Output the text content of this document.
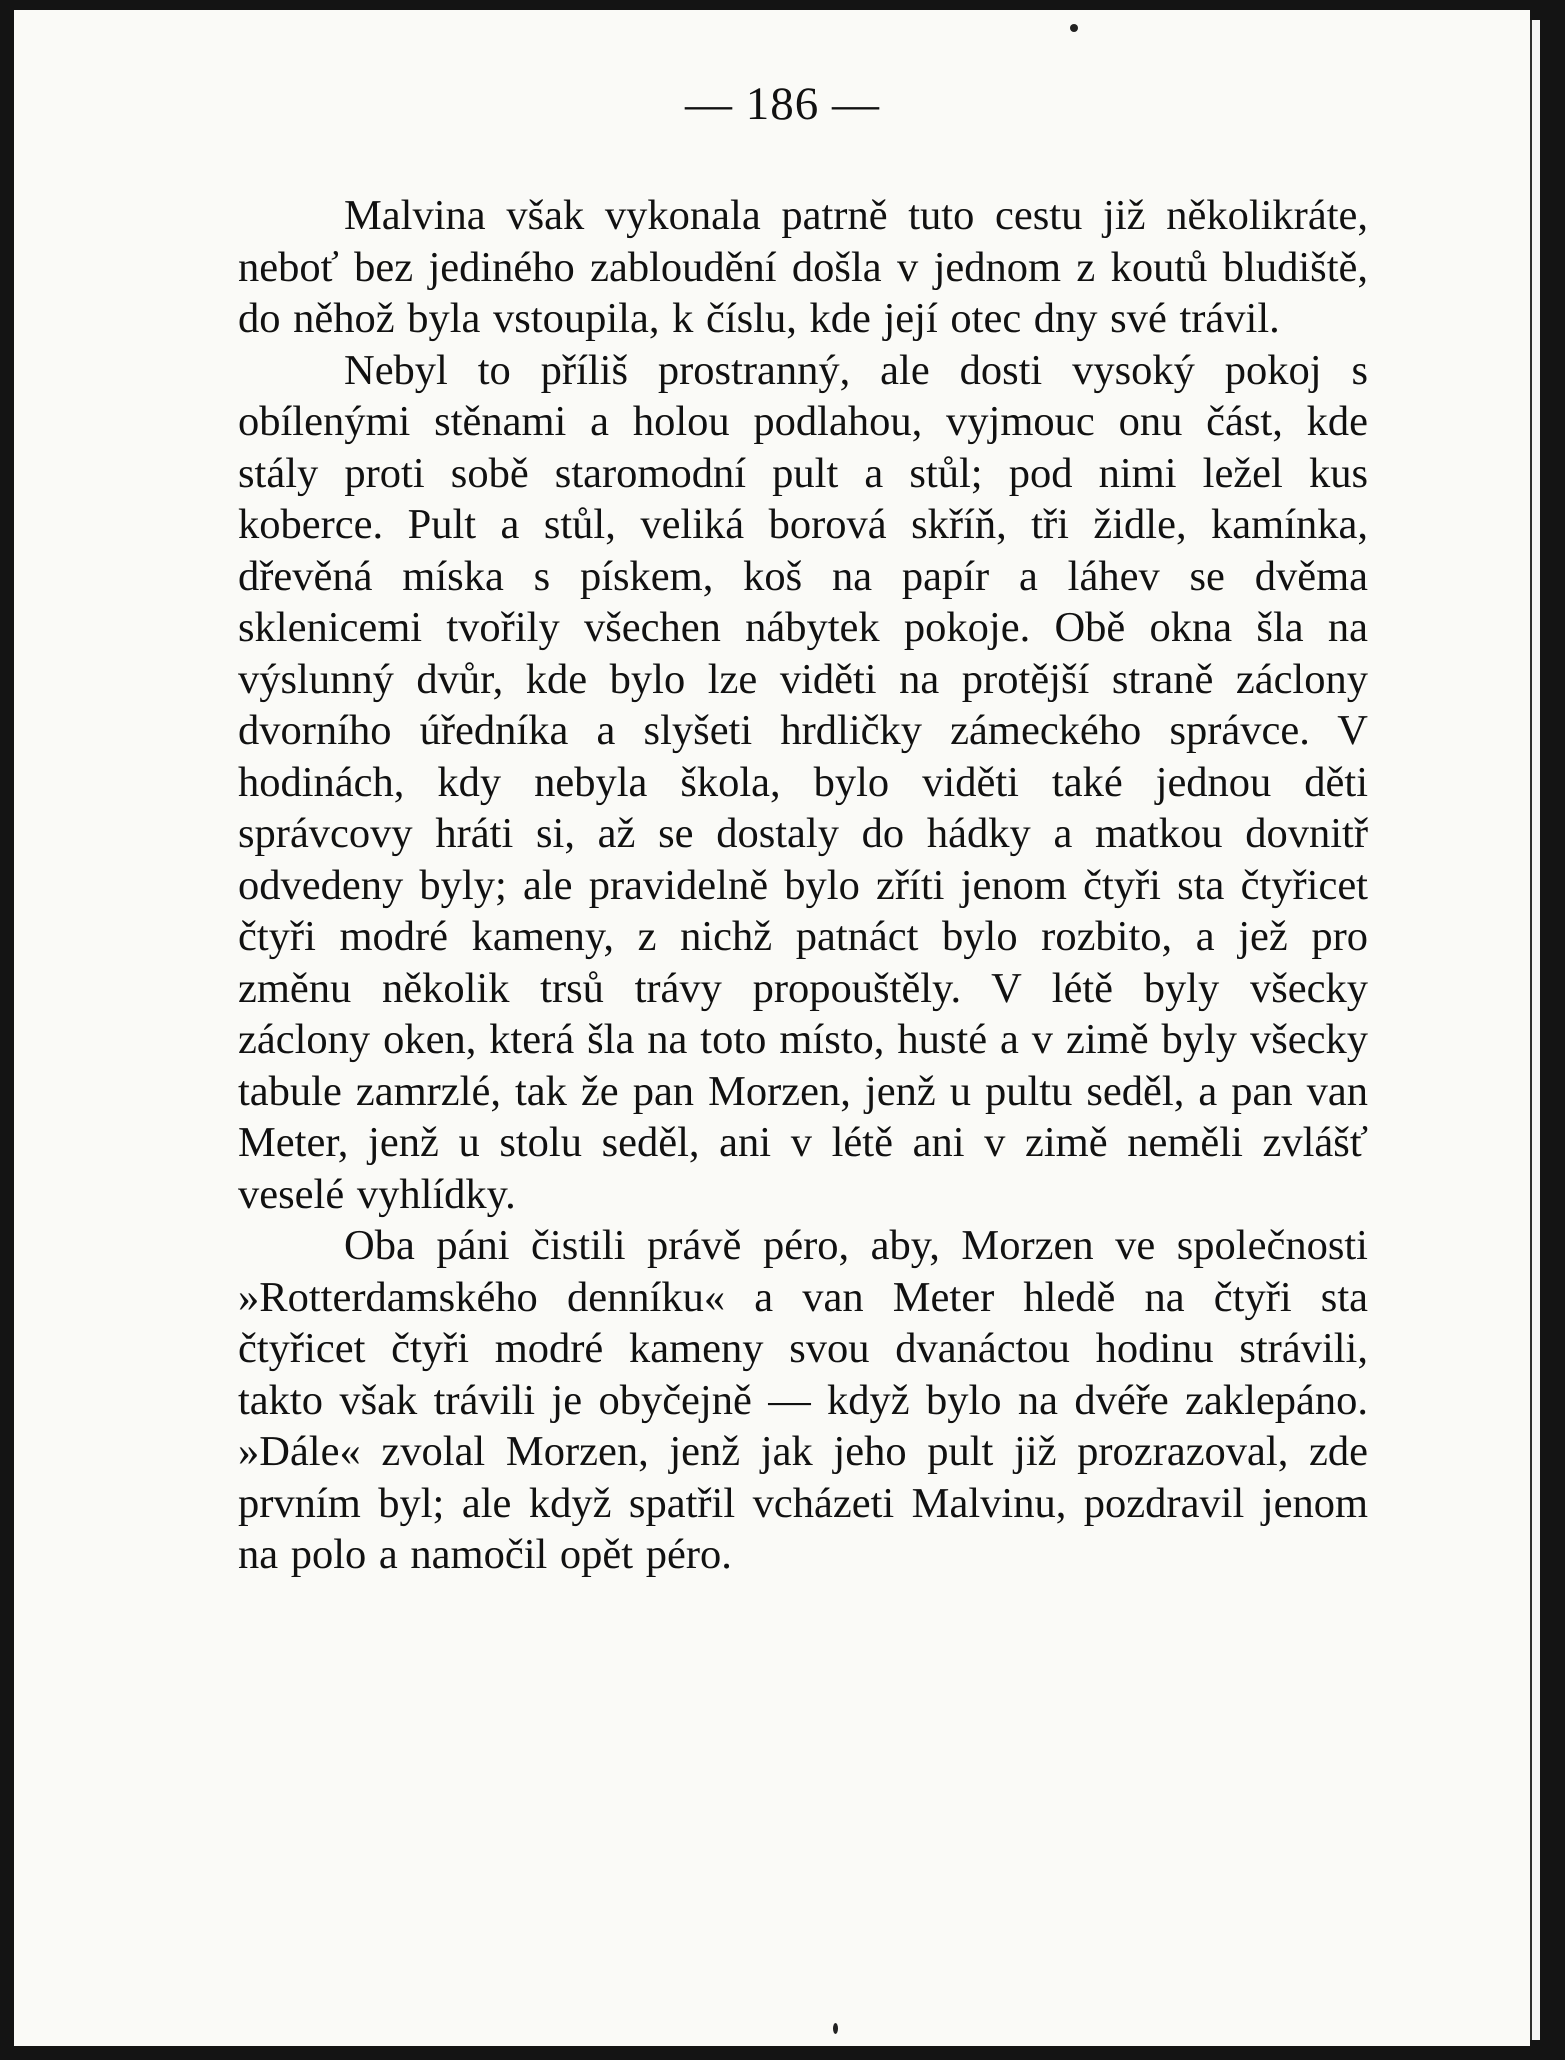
— 186 —

Malvina však vykonala patrně tuto cestu již několikráte, neboť bez jediného zabloudění došla v jednom z koutů bludiště, do něhož byla vstoupila, k číslu, kde její otec dny své trávil.

Nebyl to příliš prostranný, ale dosti vysoký pokoj s obílenými stěnami a holou podlahou, vyjmouc onu část, kde stály proti sobě staromodní pult a stůl; pod nimi ležel kus koberce. Pult a stůl, veliká borová skříň, tři židle, kamínka, dřevěná míska s pískem, koš na papír a láhev se dvěma sklenicemi tvořily všechen nábytek pokoje. Obě okna šla na výslunný dvůr, kde bylo lze viděti na protější straně záclony dvorního úředníka a slyšeti hrdličky zámeckého správce. V hodinách, kdy nebyla škola, bylo viděti také jednou děti správcovy hráti si, až se dostaly do hádky a matkou dovnitř odvedeny byly; ale pravidelně bylo zříti jenom čtyři sta čtyřicet čtyři modré kameny, z nichž patnáct bylo rozbito, a jež pro změnu několik trsů trávy propouštěly. V létě byly všecky záclony oken, která šla na toto místo, husté a v zimě byly všecky tabule zamrzlé, tak že pan Morzen, jenž u pultu seděl, a pan van Meter, jenž u stolu seděl, ani v létě ani v zimě neměli zvlášť veselé vyhlídky.

Oba páni čistili právě péro, aby, Morzen ve společnosti »Rotterdamského denníku« a van Meter hledě na čtyři sta čtyřicet čtyři modré kameny svou dvanáctou hodinu strávili, takto však trávili je obyčejně — když bylo na dvéře zaklepáno. »Dále« zvolal Morzen, jenž jak jeho pult již prozrazoval, zde prvním byl; ale když spatřil vcházeti Malvinu, pozdravil jenom na polo a namočil opět péro.
